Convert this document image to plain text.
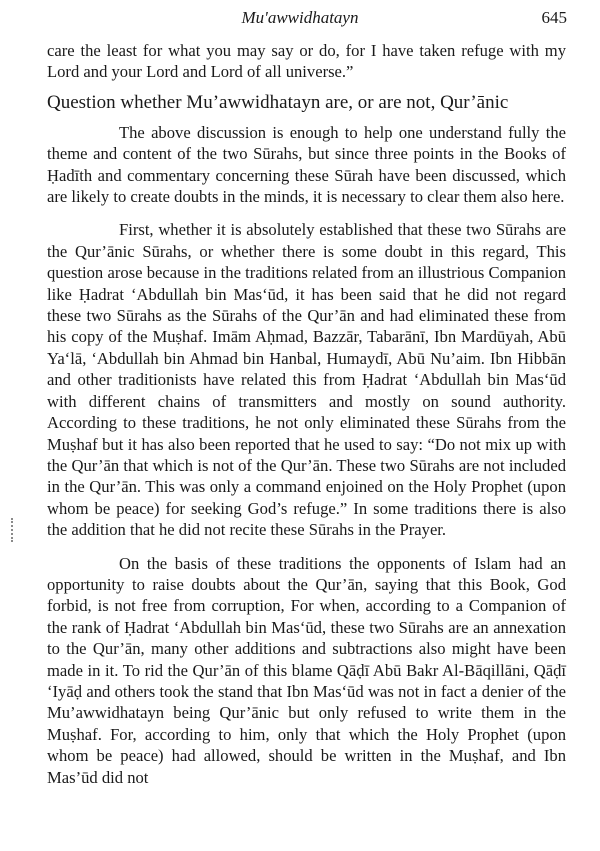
Mu'awwidhatayn	645

care the least for what you may say or do, for I have taken refuge with my Lord and your Lord and Lord of all universe.”

Question whether Mu’awwidhatayn are, or are not, Qur’ānic

The above discussion is enough to help one understand fully the theme and content of the two Sūrahs, but since three points in the Books of Ḥadīth and commentary concerning these Sūrah have been discussed, which are likely to create doubts in the minds, it is necessary to clear them also here.

First, whether it is absolutely established that these two Sūrahs are the Qur’ānic Sūrahs, or whether there is some doubt in this regard, This question arose because in the traditions related from an illustrious Companion like Ḥadrat ‘Abdullah bin Mas‘ūd, it has been said that he did not regard these two Sūrahs as the Sūrahs of the Qur’ān and had eliminated these from his copy of the Muṣhaf. Imām Aḥmad, Bazzār, Tabarānī, Ibn Mardūyah, Abū Ya‘lā, ‘Abdullah bin Ahmad bin Hanbal, Humaydī, Abū Nu’aim. Ibn Hibbān and other traditionists have related this from Ḥadrat ‘Abdullah bin Mas‘ūd with different chains of transmitters and mostly on sound authority. According to these traditions, he not only eliminated these Sūrahs from the Muṣhaf but it has also been reported that he used to say: “Do not mix up with the Qur’ān that which is not of the Qur’ān. These two Sūrahs are not included in the Qur’ān. This was only a command enjoined on the Holy Prophet (upon whom be peace) for seeking God’s refuge.” In some traditions there is also the addition that he did not recite these Sūrahs in the Prayer.

On the basis of these traditions the opponents of Islam had an opportunity to raise doubts about the Qur’ān, saying that this Book, God forbid, is not free from corruption, For when, according to a Companion of the rank of Ḥadrat ‘Abdullah bin Mas‘ūd, these two Sūrahs are an annexation to the Qur’ān, many other additions and subtractions also might have been made in it. To rid the Qur’ān of this blame Qāḍī Abū Bakr Al-Bāqillāni, Qāḍī ‘Iyāḍ and others took the stand that Ibn Mas‘ūd was not in fact a denier of the Mu’awwidhatayn being Qur’ānic but only refused to write them in the Muṣhaf. For, according to him, only that which the Holy Prophet (upon whom be peace) had allowed, should be written in the Muṣhaf, and Ibn Mas’ūd did not
